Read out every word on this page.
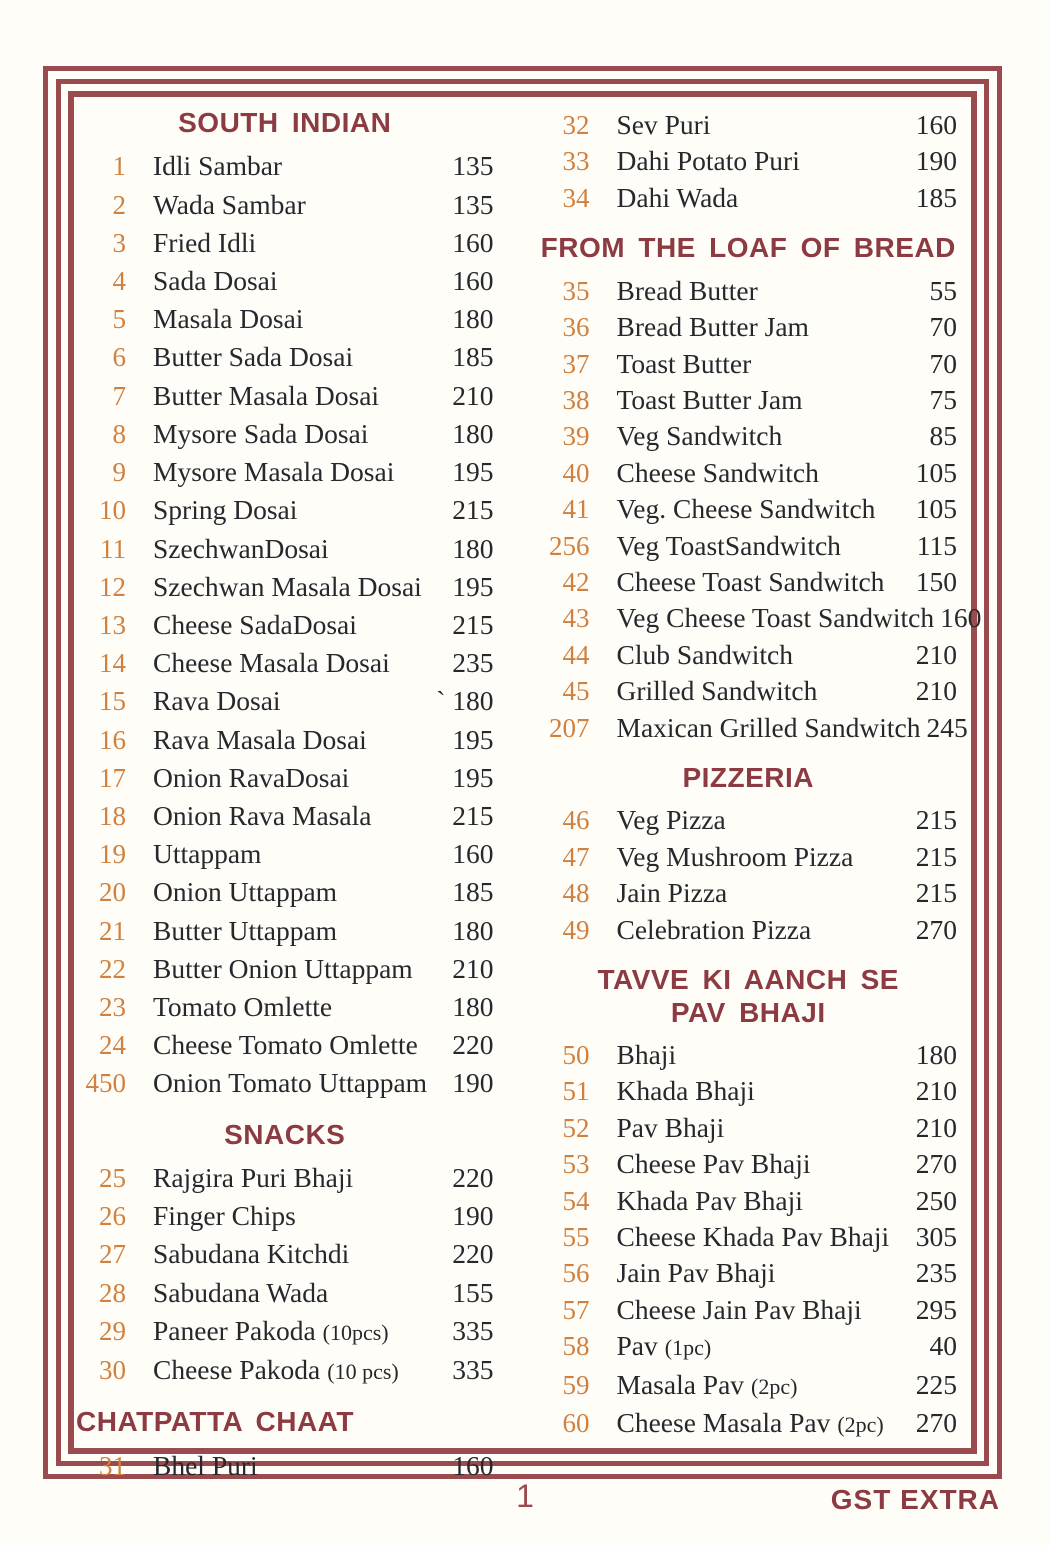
SOUTH INDIAN
1 Idli Sambar	135
2 Wada Sambar	135
3 Fried Idli	160
4 Sada Dosai	160
5 Masala Dosai	180
6 Butter Sada Dosai	185
7 Butter Masala Dosai	210
8 Mysore Sada Dosai	180
9 Mysore Masala Dosai 195
10 Spring Dosai	215
11 SzechwanDosai	180
12 Szechwan Masala Dosai 195
13 Cheese SadaDosai	215
14 Cheese Masala Dosai 235
15 Rava Dosai	` 180
16 Rava Masala Dosai	195
17 Onion RavaDosai	195
18 Onion Rava Masala	215
19 Uttappam	160
20 Onion Uttappam	185
21 Butter Uttappam	180
22 Butter Onion Uttappam 210
23 Tomato Omlette	180
24 Cheese Tomato Omlette 220
450 Onion Tomato Uttappam 190
SNACKS
25 Rajgira Puri Bhaji	220
26 Finger Chips	190
27 Sabudana Kitchdi	220
28 Sabudana Wada	155
29 Paneer Pakoda (10pcs) 335
30 Cheese Pakoda (10 pcs) 335
CHATPATTA CHAAT
31 Bhel Puri	160
32 Sev Puri	160
33 Dahi Potato Puri	190
34 Dahi Wada	185
FROM THE LOAF OF BREAD
35 Bread Butter	55
36 Bread Butter Jam	70
37 Toast Butter	70
38 Toast Butter Jam	75
39 Veg Sandwitch	85
40 Cheese Sandwitch	105
41 Veg. Cheese Sandwitch 105
256 Veg ToastSandwitch	115
42 Cheese Toast Sandwitch 150
43 Veg Cheese Toast Sandwitch 160
44 Club Sandwitch	210
45 Grilled Sandwitch	210
207 Maxican Grilled Sandwitch 245
PIZZERIA
46 Veg Pizza	215
47 Veg Mushroom Pizza 215
48 Jain Pizza	215
49 Celebration Pizza	270
TAVVE KI AANCH SE
PAV BHAJI
50 Bhaji	180
51 Khada Bhaji	210
52 Pav Bhaji	210
53 Cheese Pav Bhaji	270
54 Khada Pav Bhaji	250
55 Cheese Khada Pav Bhaji 305
56 Jain Pav Bhaji	235
57 Cheese Jain Pav Bhaji 295
58 Pav (1pc)	40
59 Masala Pav (2pc)	225
60 Cheese Masala Pav (2pc) 270
1	GST EXTRA
